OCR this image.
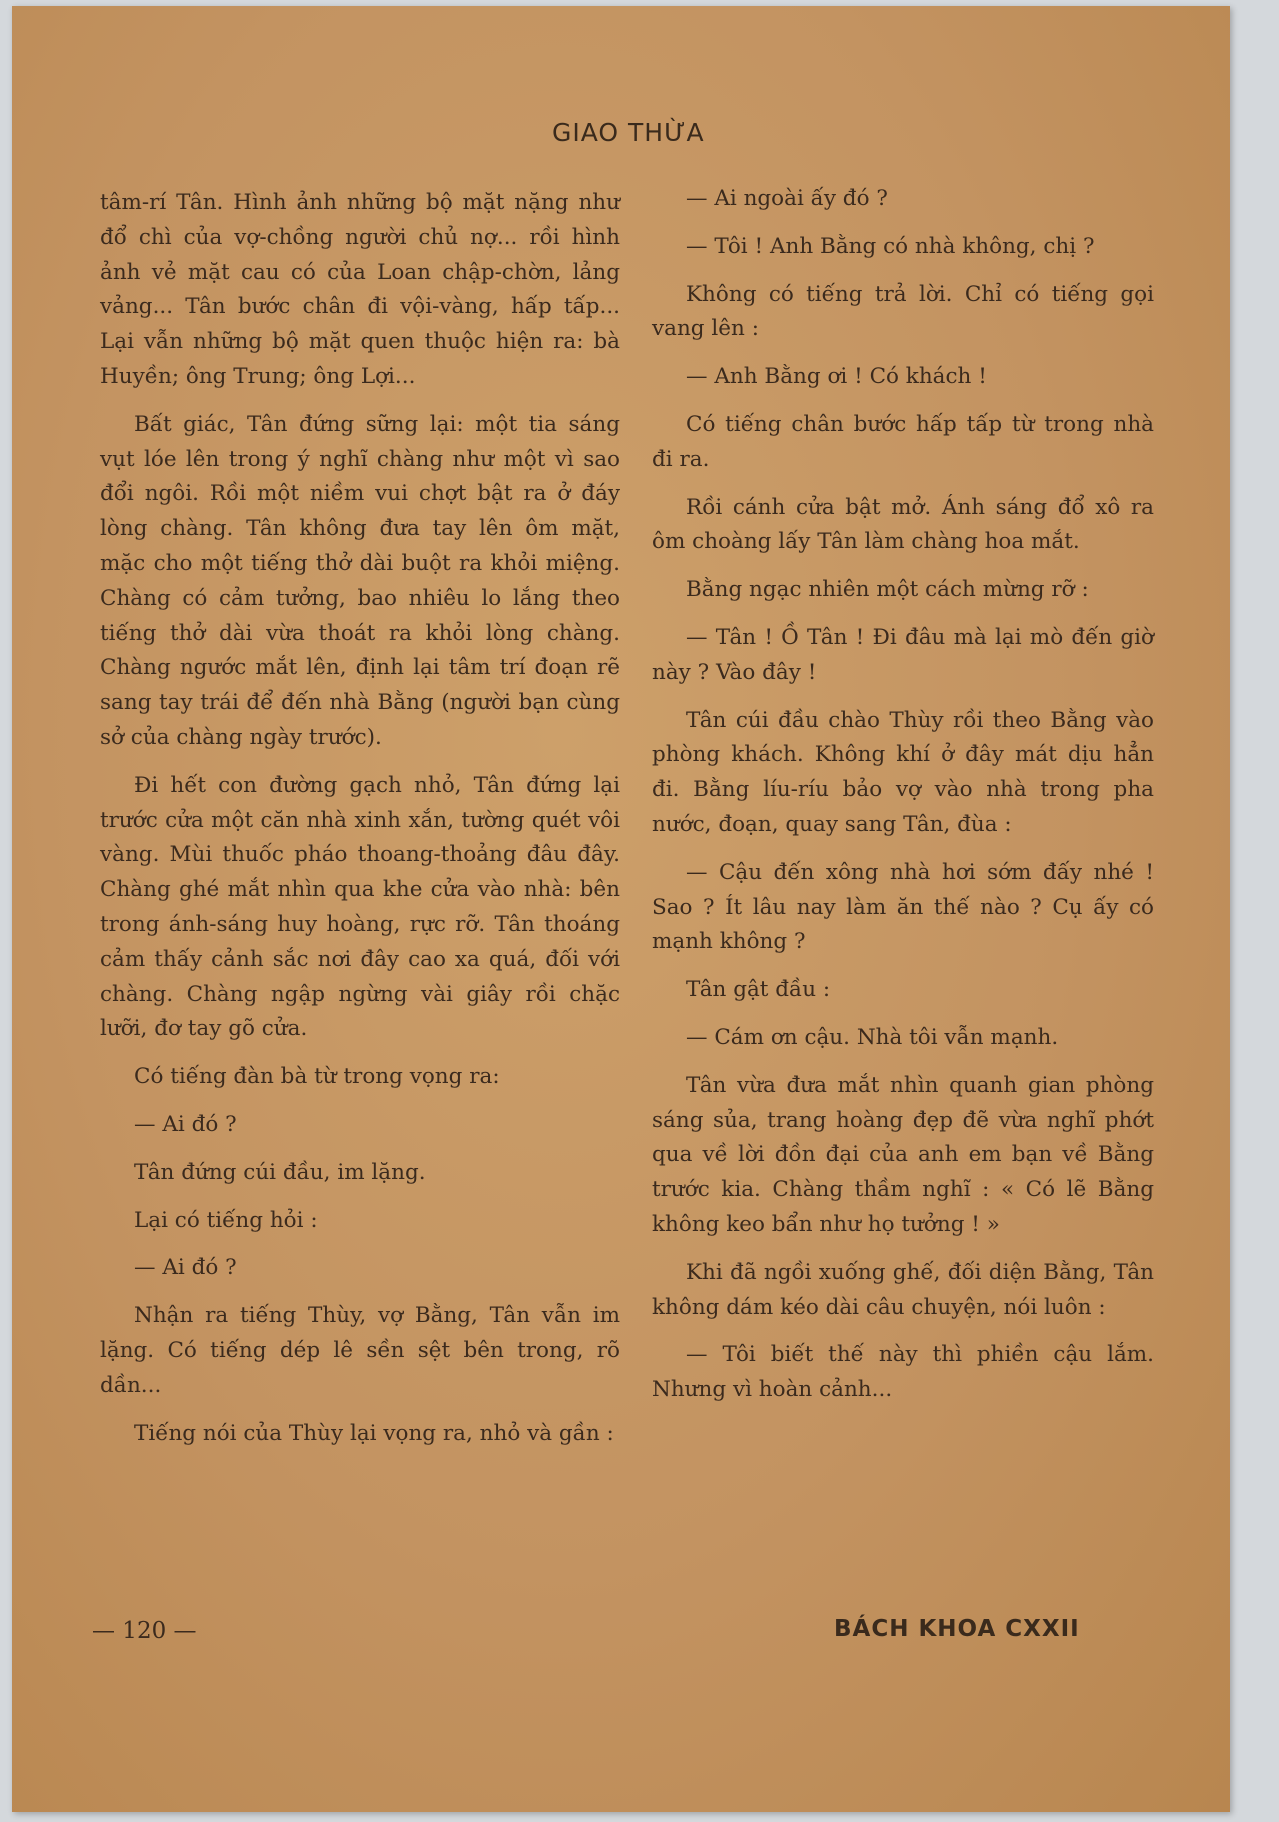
GIAO THỪA

tâm-rí Tân. Hình ảnh những bộ mặt nặng như đổ chì của vợ-chồng người chủ nợ... rồi hình ảnh vẻ mặt cau có của Loan chập-chờn, lảng vảng... Tân bước chân đi vội-vàng, hấp tấp... Lại vẫn những bộ mặt quen thuộc hiện ra: bà Huyền; ông Trung; ông Lợi...

Bất giác, Tân đứng sững lại: một tia sáng vụt lóe lên trong ý nghĩ chàng như một vì sao đổi ngôi. Rồi một niềm vui chợt bật ra ở đáy lòng chàng. Tân không đưa tay lên ôm mặt, mặc cho một tiếng thở dài buột ra khỏi miệng. Chàng có cảm tưởng, bao nhiêu lo lắng theo tiếng thở dài vừa thoát ra khỏi lòng chàng. Chàng ngước mắt lên, định lại tâm trí đoạn rẽ sang tay trái để đến nhà Bằng (người bạn cùng sở của chàng ngày trước).

Đi hết con đường gạch nhỏ, Tân đứng lại trước cửa một căn nhà xinh xắn, tường quét vôi vàng. Mùi thuốc pháo thoang-thoảng đâu đây. Chàng ghé mắt nhìn qua khe cửa vào nhà: bên trong ánh-sáng huy hoàng, rực rỡ. Tân thoáng cảm thấy cảnh sắc nơi đây cao xa quá, đối với chàng. Chàng ngập ngừng vài giây rồi chặc lưỡi, đơ tay gõ cửa.

Có tiếng đàn bà từ trong vọng ra:

— Ai đó ?

Tân đứng cúi đầu, im lặng.

Lại có tiếng hỏi :

— Ai đó ?

Nhận ra tiếng Thùy, vợ Bằng, Tân vẫn im lặng. Có tiếng dép lê sền sệt bên trong, rõ dần...

Tiếng nói của Thùy lại vọng ra, nhỏ và gần :

— Ai ngoài ấy đó ?

— Tôi ! Anh Bằng có nhà không, chị ?

Không có tiếng trả lời. Chỉ có tiếng gọi vang lên :

— Anh Bằng ơi ! Có khách !

Có tiếng chân bước hấp tấp từ trong nhà đi ra.

Rồi cánh cửa bật mở. Ánh sáng đổ xô ra ôm choàng lấy Tân làm chàng hoa mắt.

Bằng ngạc nhiên một cách mừng rỡ :

— Tân ! Ồ Tân ! Đi đâu mà lại mò đến giờ này ? Vào đây !

Tân cúi đầu chào Thùy rồi theo Bằng vào phòng khách. Không khí ở đây mát dịu hẳn đi. Bằng líu-ríu bảo vợ vào nhà trong pha nước, đoạn, quay sang Tân, đùa :

— Cậu đến xông nhà hơi sớm đấy nhé ! Sao ? Ít lâu nay làm ăn thế nào ? Cụ ấy có mạnh không ?

Tân gật đầu :

— Cám ơn cậu. Nhà tôi vẫn mạnh.

Tân vừa đưa mắt nhìn quanh gian phòng sáng sủa, trang hoàng đẹp đẽ vừa nghĩ phớt qua về lời đồn đại của anh em bạn về Bằng trước kia. Chàng thầm nghĩ : « Có lẽ Bằng không keo bẩn như họ tưởng ! »

Khi đã ngồi xuống ghế, đối diện Bằng, Tân không dám kéo dài câu chuyện, nói luôn :

— Tôi biết thế này thì phiền cậu lắm. Nhưng vì hoàn cảnh...

— 120 —	BÁCH KHOA CXXII
